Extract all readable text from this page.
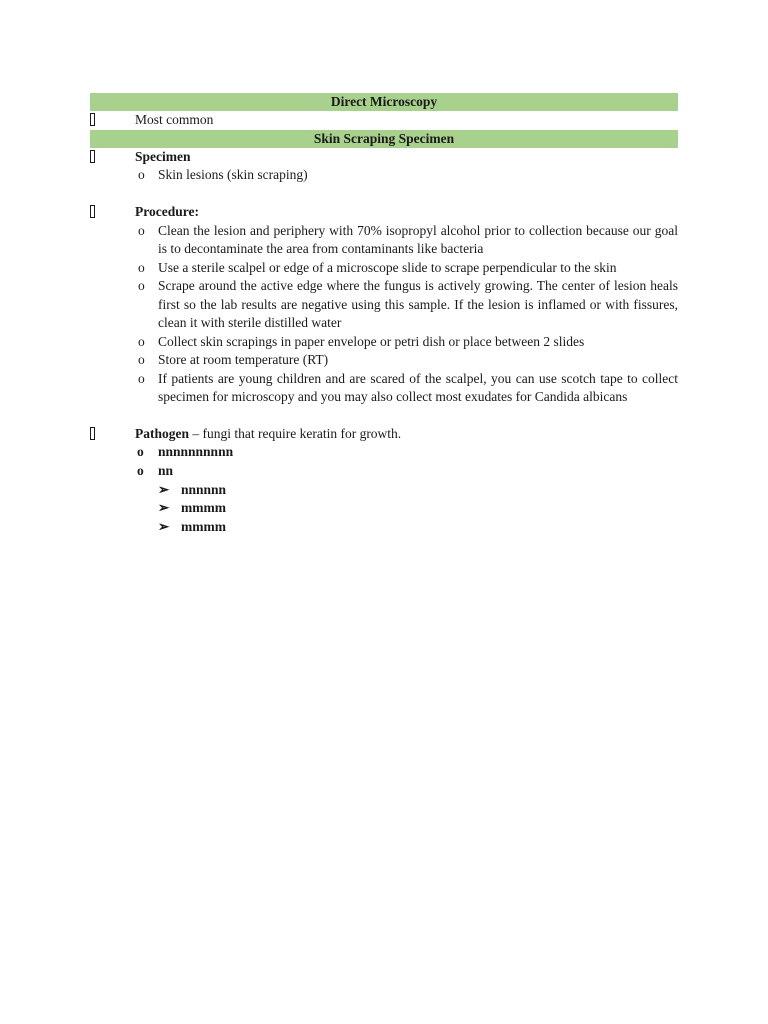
Direct Microscopy
Most common
Skin Scraping Specimen
Specimen
o Skin lesions (skin scraping)
Procedure:
o Clean the lesion and periphery with 70% isopropyl alcohol prior to collection because our goal is to decontaminate the area from contaminants like bacteria
o Use a sterile scalpel or edge of a microscope slide to scrape perpendicular to the skin
o Scrape around the active edge where the fungus is actively growing. The center of lesion heals first so the lab results are negative using this sample. If the lesion is inflamed or with fissures, clean it with sterile distilled water
o Collect skin scrapings in paper envelope or petri dish or place between 2 slides
o Store at room temperature (RT)
o If patients are young children and are scared of the scalpel, you can use scotch tape to collect specimen for microscopy and you may also collect most exudates for Candida albicans
Pathogen – fungi that require keratin for growth.
o nnnnnnnnnn
o nn
➢ nnnnnn
➢ mmmm
➢ mmmm
